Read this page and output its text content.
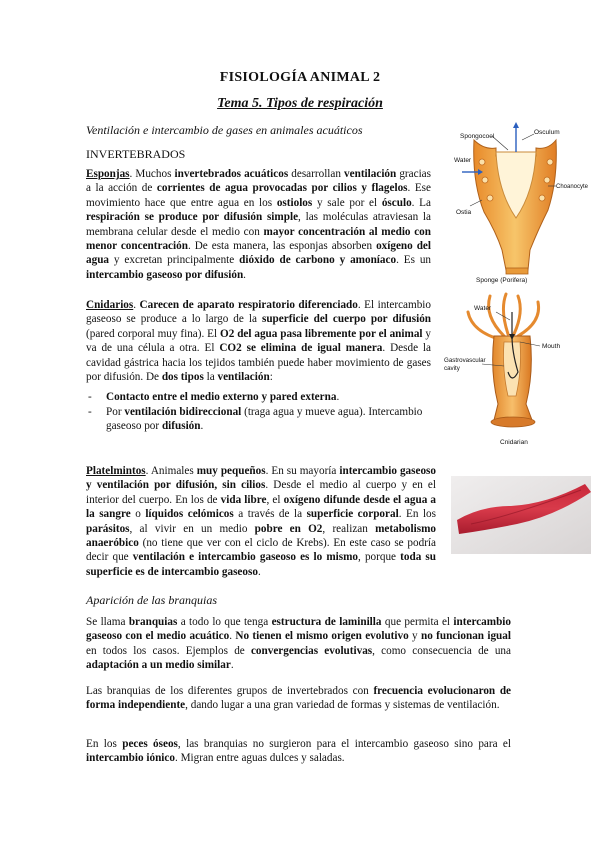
FISIOLOGÍA ANIMAL 2
Tema 5. Tipos de respiración
Ventilación e intercambio de gases en animales acuáticos
INVERTEBRADOS

Esponjas. Muchos invertebrados acuáticos desarrollan ventilación gracias a la acción de corrientes de agua provocadas por cilios y flagelos. Ese movimiento hace que entre agua en los ostiolos y sale por el ósculo. La respiración se produce por difusión simple, las moléculas atraviesan la membrana celular desde el medio con mayor concentración al medio con menor concentración. De esta manera, las esponjas absorben oxígeno del agua y excretan principalmente dióxido de carbono y amoníaco. Es un intercambio gaseoso por difusión.

Cnidarios. Carecen de aparato respiratorio diferenciado. El intercambio gaseoso se produce a lo largo de la superficie del cuerpo por difusión (pared corporal muy fina). El O2 del agua pasa libremente por el animal y va de una célula a otra. El CO2 se elimina de igual manera. Desde la cavidad gástrica hacia los tejidos también puede haber movimiento de gases por difusión. De dos tipos la ventilación:

- Contacto entre el medio externo y pared externa.
- Por ventilación bidireccional (traga agua y mueve agua). Intercambio gaseoso por difusión.

Platelmintos. Animales muy pequeños. En su mayoría intercambio gaseoso y ventilación por difusión, sin cilios. Desde el medio al cuerpo y en el interior del cuerpo. En los de vida libre, el oxígeno difunde desde el agua a la sangre o líquidos celómicos a través de la superficie corporal. En los parásitos, al vivir en un medio pobre en O2, realizan metabolismo anaeróbico (no tiene que ver con el ciclo de Krebs). En este caso se podría decir que ventilación e intercambio gaseoso es lo mismo, porque toda su superficie es de intercambio gaseoso.

Aparición de las branquias

Se llama branquias a todo lo que tenga estructura de laminilla que permita el intercambio gaseoso con el medio acuático. No tienen el mismo origen evolutivo y no funcionan igual en todos los casos. Ejemplos de convergencias evolutivas, como consecuencia de una adaptación a un medio similar.

Las branquias de los diferentes grupos de invertebrados con frecuencia evolucionaron de forma independiente, dando lugar a una gran variedad de formas y sistemas de ventilación.

En los peces óseos, las branquias no surgieron para el intercambio gaseoso sino para el intercambio iónico. Migran entre aguas dulces y saladas.

Spongocoel
Osculum
Water
Choanocyte
Ostia
Sponge (Porifera)
Water
Mouth
Gastrovascular
cavity
Cnidarian
